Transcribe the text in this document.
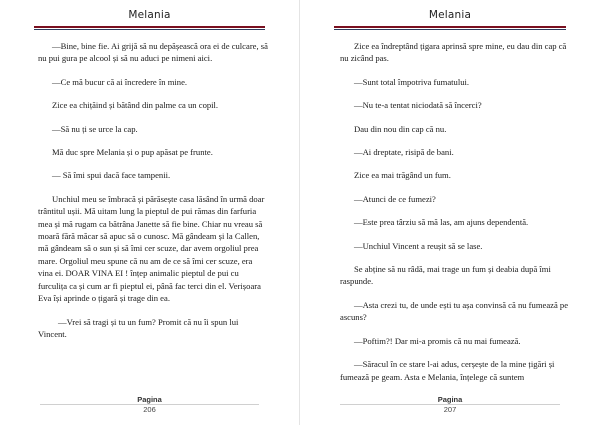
Melania

—Bine, bine fie. Ai grijă să nu depășească ora ei de culcare, să nu pui gura pe alcool și să nu aduci pe nimeni aici.

—Ce mă bucur că ai încredere în mine.

Zice ea chițăind și bătând din palme ca un copil.

—Să nu ți se urce la cap.

Mă duc spre Melania și o pup apăsat pe frunte.

— Să îmi spui dacă face tampenii.

Unchiul meu se îmbracă și părăsește casa lăsând în urmă doar trântitul ușii. Mă uitam lung la pieptul de pui rămas din farfuria mea și mă rugam ca bătrâna Janette să fie bine. Chiar nu vreau să moară fără măcar să apuc să o cunosc. Mă gândeam și la Callen, mă gândeam să o sun și să îmi cer scuze, dar avem orgoliul prea mare. Orgoliul meu spune că nu am de ce să îmi cer scuze, era vina ei. DOAR VINA EI ! înțep animalic pieptul de pui cu furculița ca și cum ar fi pieptul ei, până fac terci din el. Verișoara Eva își aprinde o țigară și trage din ea.

—Vrei să tragi și tu un fum? Promit că nu îi spun lui Vincent.

Pagina
206
Melania

Zice ea îndreptând țigara aprinsă spre mine, eu dau din cap că nu zicând pas.

—Sunt total împotriva fumatului.

—Nu te-a tentat niciodată să încerci?

Dau din nou din cap că nu.

—Ai dreptate, risipă de bani.

Zice ea mai trăgând un fum.

—Atunci de ce fumezi?

—Este prea târziu să mă las, am ajuns dependentă.

—Unchiul Vincent a reușit să se lase.

Se abține să nu râdă, mai trage un fum și deabia după îmi raspunde.

—Asta crezi tu, de unde ești tu așa convinsă că nu fumează pe ascuns?

—Poftim?! Dar mi-a promis că nu mai fumează.

—Săracul în ce stare l-ai adus, cerșește de la mine țigări și fumează pe geam. Asta e Melania, înțelege că suntem

Pagina
207
